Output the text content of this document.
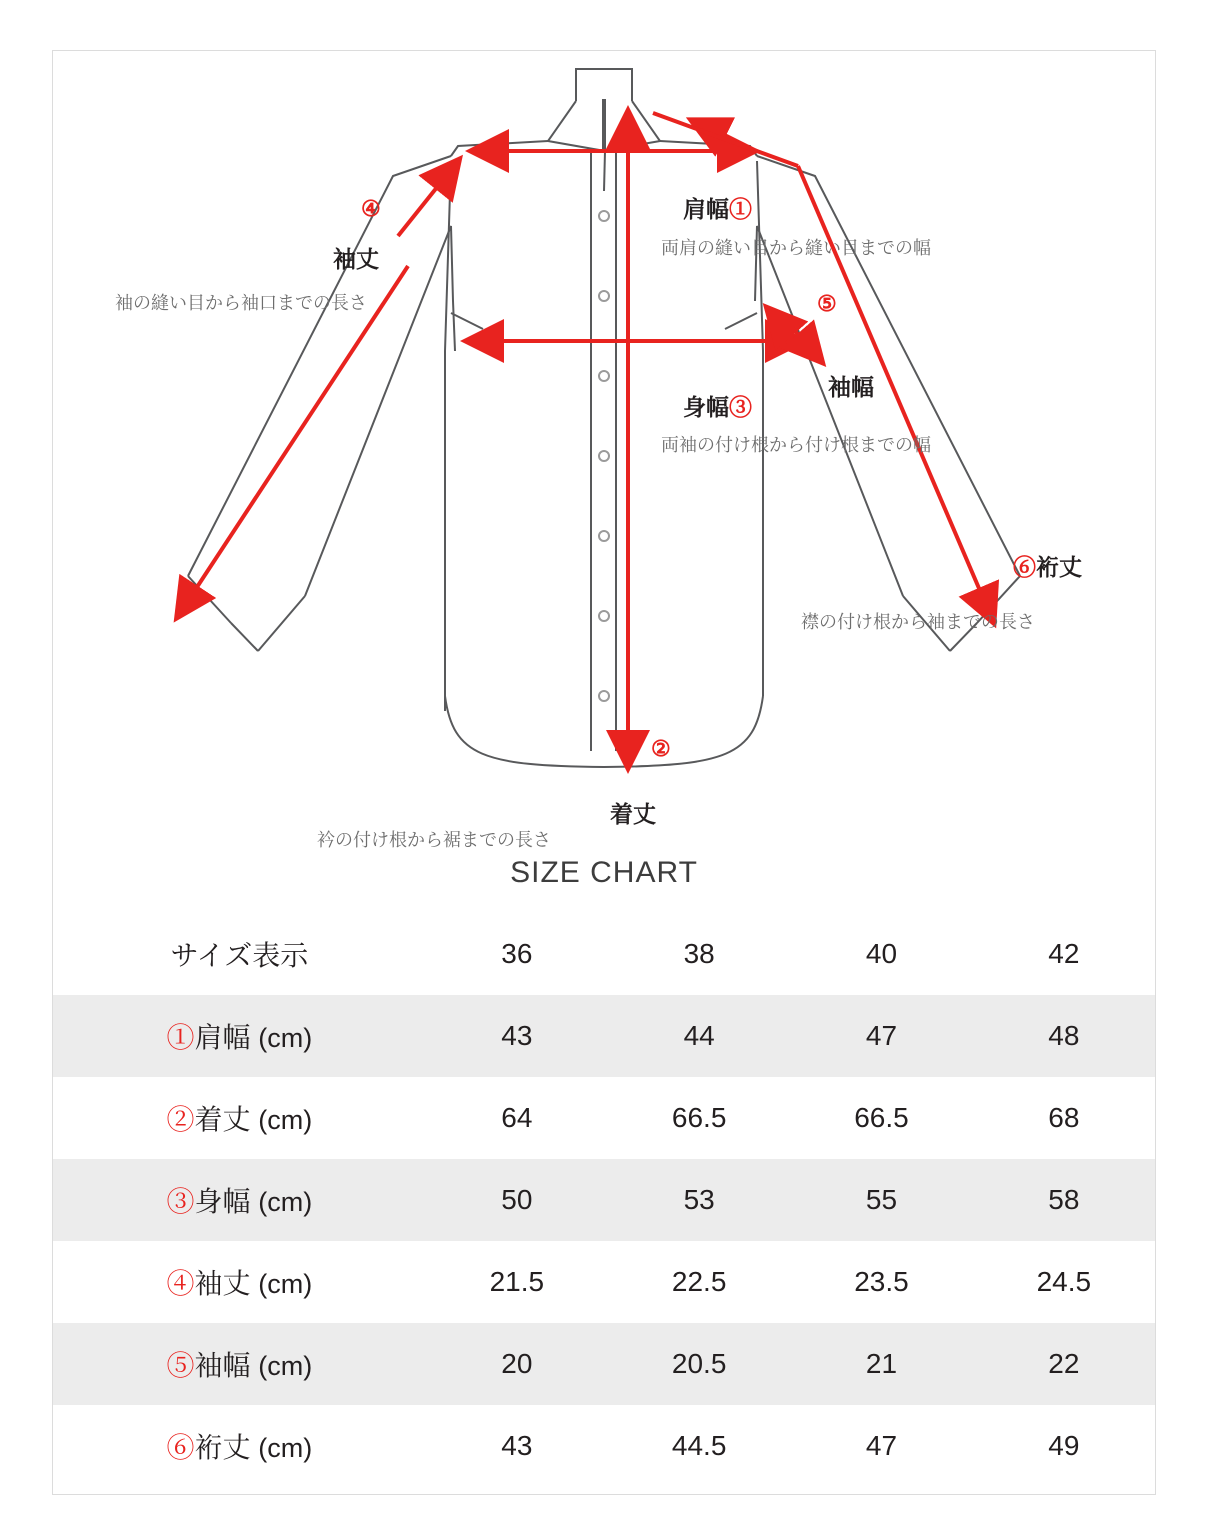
④
袖丈
袖の縫い目から袖口までの長さ
肩幅①
両肩の縫い目から縫い目までの幅
身幅③
両袖の付け根から付け根までの幅
⑤
袖幅
⑥裄丈
襟の付け根から袖までの長さ
②
着丈
衿の付け根から裾までの長さ
SIZE CHART
サイズ表示	36	38	40	42
①肩幅 (cm)	43	44	47	48
②着丈 (cm)	64	66.5	66.5	68
③身幅 (cm)	50	53	55	58
④袖丈 (cm)	21.5	22.5	23.5	24.5
⑤袖幅 (cm)	20	20.5	21	22
⑥裄丈 (cm)	43	44.5	47	49
